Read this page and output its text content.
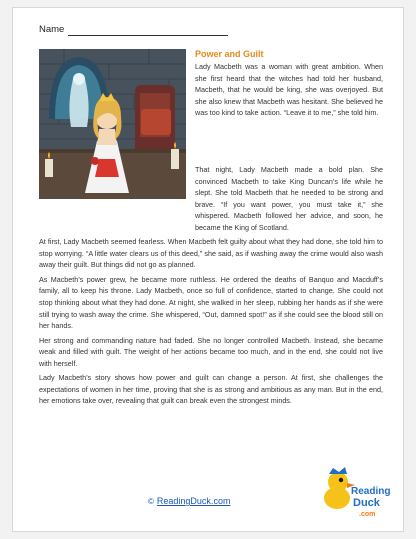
Name
Power and Guilt

Lady Macbeth was a woman with great ambition. When she first heard that the witches had told her husband, Macbeth, that he would be king, she was overjoyed. But she also knew that Macbeth was hesitant. She believed he was too kind to take action. “Leave it to me,” she told him.

That night, Lady Macbeth made a bold plan. She convinced Macbeth to take King Duncan’s life while he slept. She told Macbeth that he needed to be strong and brave. “If you want power, you must take it,” she whispered. Macbeth followed her advice, and soon, he became the King of Scotland.

At first, Lady Macbeth seemed fearless. When Macbeth felt guilty about what they had done, she told him to stop worrying. “A little water clears us of this deed,” she said, as if washing away the crime would also wash away their guilt. But things did not go as planned.

As Macbeth’s power grew, he became more ruthless. He ordered the deaths of Banquo and Macduff’s family, all to keep his throne. Lady Macbeth, once so full of confidence, started to change. She could not stop thinking about what they had done. At night, she walked in her sleep, rubbing her hands as if she were still trying to wash away the crime. She whispered, “Out, damned spot!” as if she could see the blood still on her hands.

Her strong and commanding nature had faded. She no longer controlled Macbeth. Instead, she became weak and filled with guilt. The weight of her actions became too much, and in the end, she could not live with herself.

Lady Macbeth’s story shows how power and guilt can change a person. At first, she challenges the expectations of women in her time, proving that she is as strong and ambitious as any man. But in the end, her emotions take over, revealing that guilt can break even the strongest minds.

© ReadingDuck.com
Reading
Duck
.com
